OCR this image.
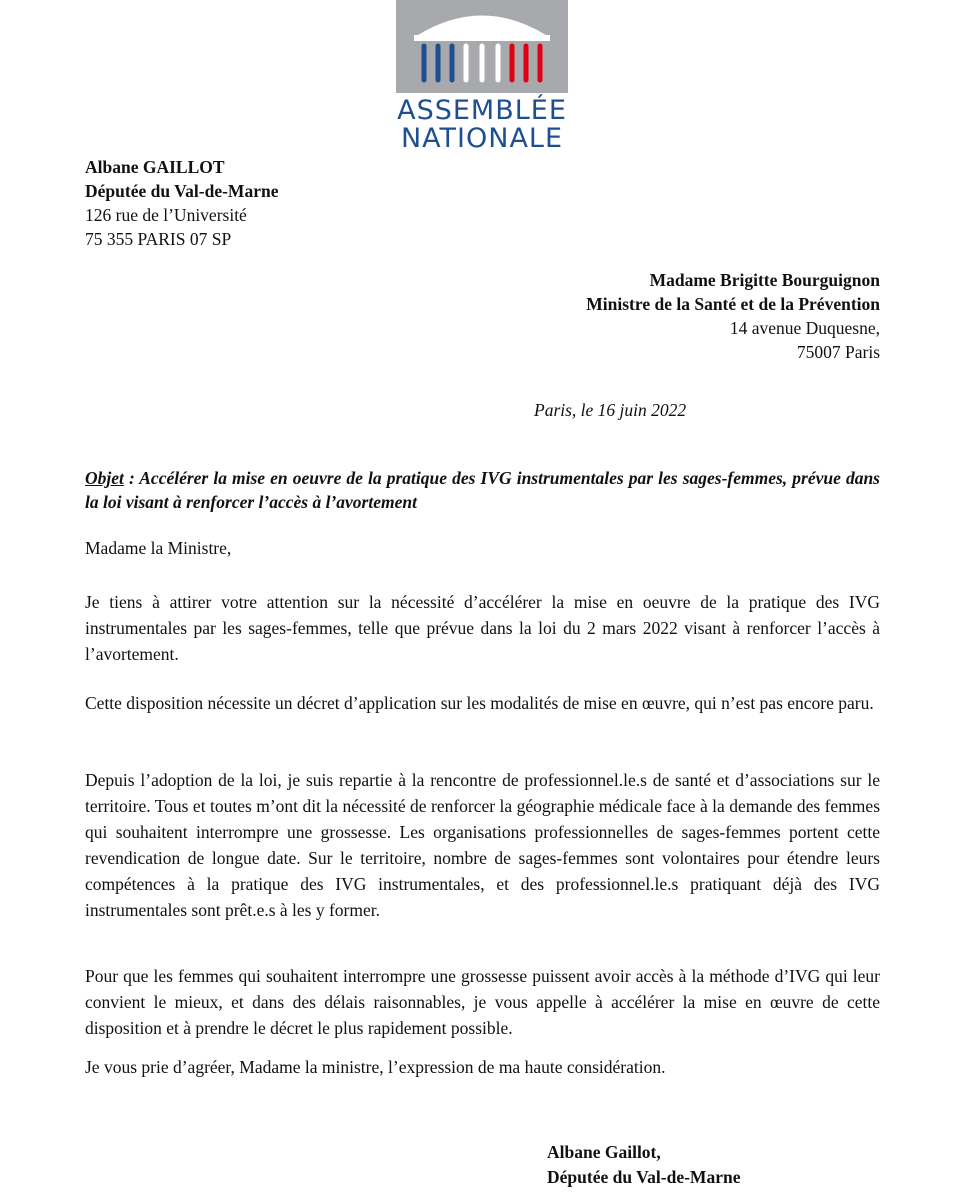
ASSEMBLÉE
NATIONALE
Albane GAILLOT
Députée du Val-de-Marne
126 rue de l’Université
75 355 PARIS 07 SP
Madame Brigitte Bourguignon
Ministre de la Santé et de la Prévention
14 avenue Duquesne,
75007 Paris
Paris, le 16 juin 2022
Objet : Accélérer la mise en oeuvre de la pratique des IVG instrumentales par les sages-femmes, prévue dans la loi visant à renforcer l’accès à l’avortement
Madame la Ministre,
Je tiens à attirer votre attention sur la nécessité d’accélérer la mise en oeuvre de la pratique des IVG instrumentales par les sages-femmes, telle que prévue dans la loi du 2 mars 2022 visant à renforcer l’accès à l’avortement.
Cette disposition nécessite un décret d’application sur les modalités de mise en œuvre, qui n’est pas encore paru.
Depuis l’adoption de la loi, je suis repartie à la rencontre de professionnel.le.s de santé et d’associations sur le territoire. Tous et toutes m’ont dit la nécessité de renforcer la géographie médicale face à la demande des femmes qui souhaitent interrompre une grossesse. Les organisations professionnelles de sages-femmes portent cette revendication de longue date. Sur le territoire, nombre de sages-femmes sont volontaires pour étendre leurs compétences à la pratique des IVG instrumentales, et des professionnel.le.s pratiquant déjà des IVG instrumentales sont prêt.e.s à les y former.
Pour que les femmes qui souhaitent interrompre une grossesse puissent avoir accès à la méthode d’IVG qui leur convient le mieux, et dans des délais raisonnables, je vous appelle à accélérer la mise en œuvre de cette disposition et à prendre le décret le plus rapidement possible.
Je vous prie d’agréer, Madame la ministre, l’expression de ma haute considération.
Albane Gaillot,
Députée du Val-de-Marne
